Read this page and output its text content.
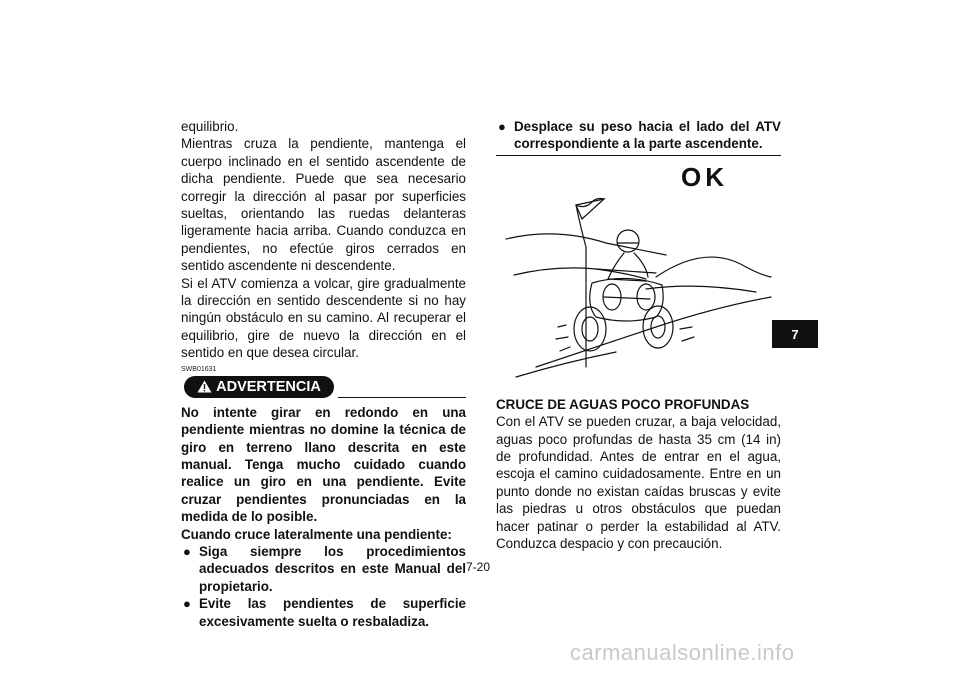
equilibrio.

Mientras cruza la pendiente, mantenga el cuerpo inclinado en el sentido ascendente de dicha pendiente. Puede que sea necesario corregir la dirección al pasar por superficies sueltas, orientando las ruedas delanteras ligeramente hacia arriba. Cuando conduzca en pendientes, no efectúe giros cerrados en sentido ascendente ni descendente.

Si el ATV comienza a volcar, gire gradualmente la dirección en sentido descendente si no hay ningún obstáculo en su camino. Al recuperar el equilibrio, gire de nuevo la dirección en el sentido en que desea circular.

SWB01631
ADVERTENCIA

No intente girar en redondo en una pendiente mientras no domine la técnica de giro en terreno llano descrita en este manual. Tenga mucho cuidado cuando realice un giro en una pendiente. Evite cruzar pendientes pronunciadas en la medida de lo posible.

Cuando cruce lateralmente una pendiente:

● Siga siempre los procedimientos adecuados descritos en este Manual del propietario.

● Evite las pendientes de superficie excesivamente suelta o resbaladiza.

● Desplace su peso hacia el lado del ATV correspondiente a la parte ascendente.

OK

CRUCE DE AGUAS POCO PROFUNDAS

Con el ATV se pueden cruzar, a baja velocidad, aguas poco profundas de hasta 35 cm (14 in) de profundidad. Antes de entrar en el agua, escoja el camino cuidadosamente. Entre en un punto donde no existan caídas bruscas y evite las piedras u otros obstáculos que puedan hacer patinar o perder la estabilidad al ATV. Conduzca despacio y con precaución.

7-20
7
carmanualsonline.info
